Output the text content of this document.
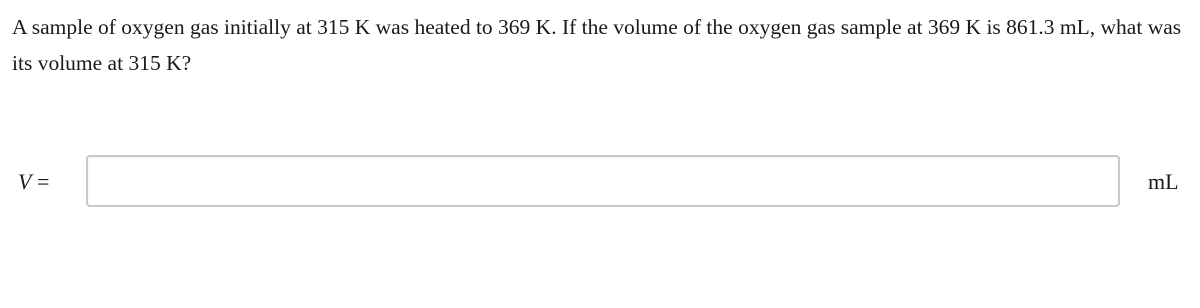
A sample of oxygen gas initially at 315 K was heated to 369 K. If the volume of the oxygen gas sample at 369 K is 861.3 mL, what was its volume at 315 K?

V =	mL
